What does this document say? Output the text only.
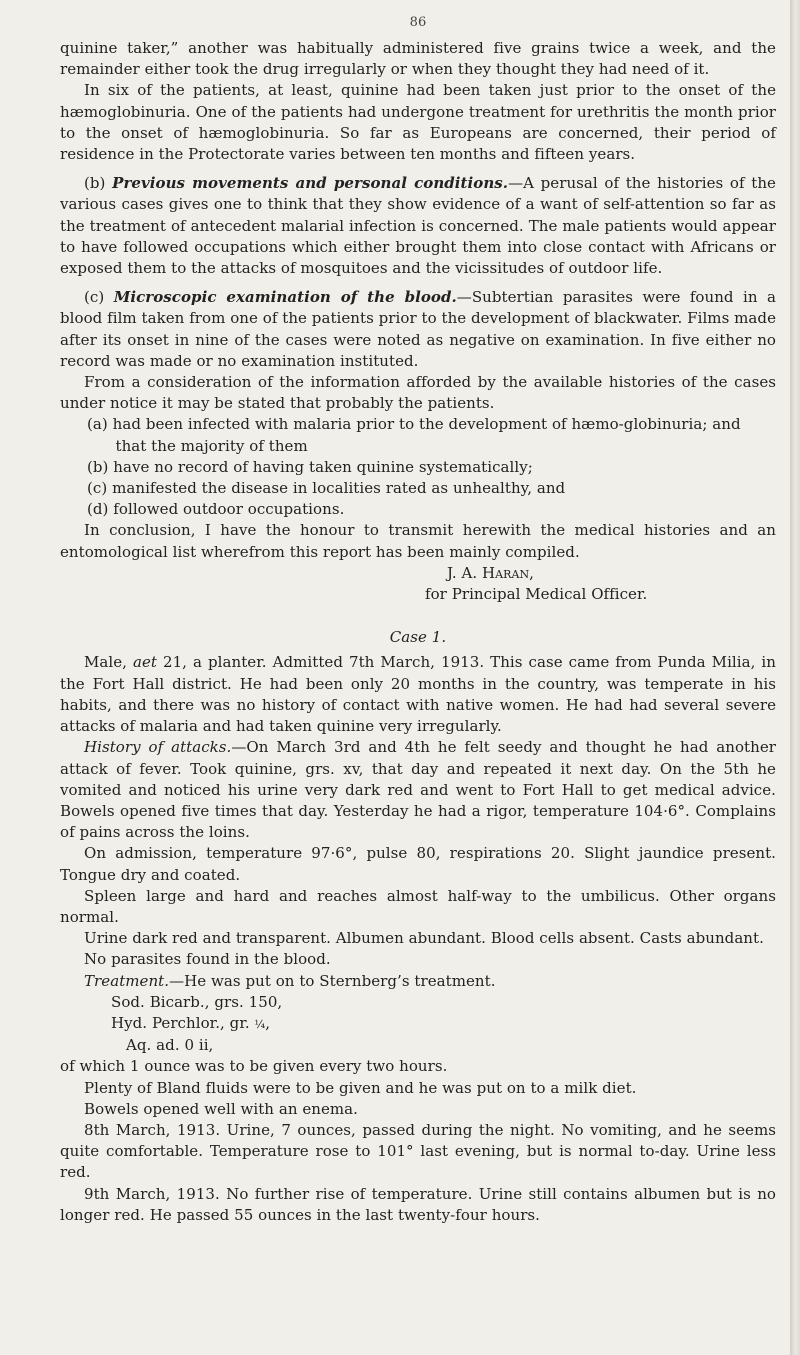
86

quinine taker,” another was habitually administered five grains twice a week, and the remainder either took the drug irregularly or when they thought they had need of it.

In six of the patients, at least, quinine had been taken just prior to the onset of the hæmoglobinuria. One of the patients had undergone treatment for urethritis the month prior to the onset of hæmoglobinuria. So far as Europeans are concerned, their period of residence in the Protectorate varies between ten months and fifteen years.

(b) Previous movements and personal conditions.—A perusal of the histories of the various cases gives one to think that they show evidence of a want of self-attention so far as the treatment of antecedent malarial infection is concerned. The male patients would appear to have followed occupations which either brought them into close contact with Africans or exposed them to the attacks of mosquitoes and the vicissitudes of outdoor life.

(c) Microscopic examination of the blood.—Subtertian parasites were found in a blood film taken from one of the patients prior to the development of blackwater. Films made after its onset in nine of the cases were noted as negative on examination. In five either no record was made or no examination instituted.

From a consideration of the information afforded by the available histories of the cases under notice it may be stated that probably the patients.

(a) had been infected with malaria prior to the development of hæmo-globinuria; and that the majority of them

(b) have no record of having taken quinine systematically;

(c) manifested the disease in localities rated as unhealthy, and

(d) followed outdoor occupations.

In conclusion, I have the honour to transmit herewith the medical histories and an entomological list wherefrom this report has been mainly compiled.

J. A. Haran,
for Principal Medical Officer.
Case 1.

Male, aet 21, a planter. Admitted 7th March, 1913. This case came from Punda Milia, in the Fort Hall district. He had been only 20 months in the country, was temperate in his habits, and there was no history of contact with native women. He had had several severe attacks of malaria and had taken quinine very irregularly.

History of attacks.—On March 3rd and 4th he felt seedy and thought he had another attack of fever. Took quinine, grs. xv, that day and repeated it next day. On the 5th he vomited and noticed his urine very dark red and went to Fort Hall to get medical advice. Bowels opened five times that day. Yesterday he had a rigor, temperature 104·6°. Complains of pains across the loins.

On admission, temperature 97·6°, pulse 80, respirations 20. Slight jaundice present. Tongue dry and coated.

Spleen large and hard and reaches almost half-way to the umbilicus. Other organs normal.

Urine dark red and transparent. Albumen abundant. Blood cells absent. Casts abundant.

No parasites found in the blood.

Treatment.—He was put on to Sternberg’s treatment.

Sod. Bicarb., grs. 150,
Hyd. Perchlor., gr. ¼,
Aq. ad. 0 ii,

of which 1 ounce was to be given every two hours.

Plenty of Bland fluids were to be given and he was put on to a milk diet.

Bowels opened well with an enema.

8th March, 1913. Urine, 7 ounces, passed during the night. No vomiting, and he seems quite comfortable. Temperature rose to 101° last evening, but is normal to-day. Urine less red.

9th March, 1913. No further rise of temperature. Urine still contains albumen but is no longer red. He passed 55 ounces in the last twenty-four hours.
